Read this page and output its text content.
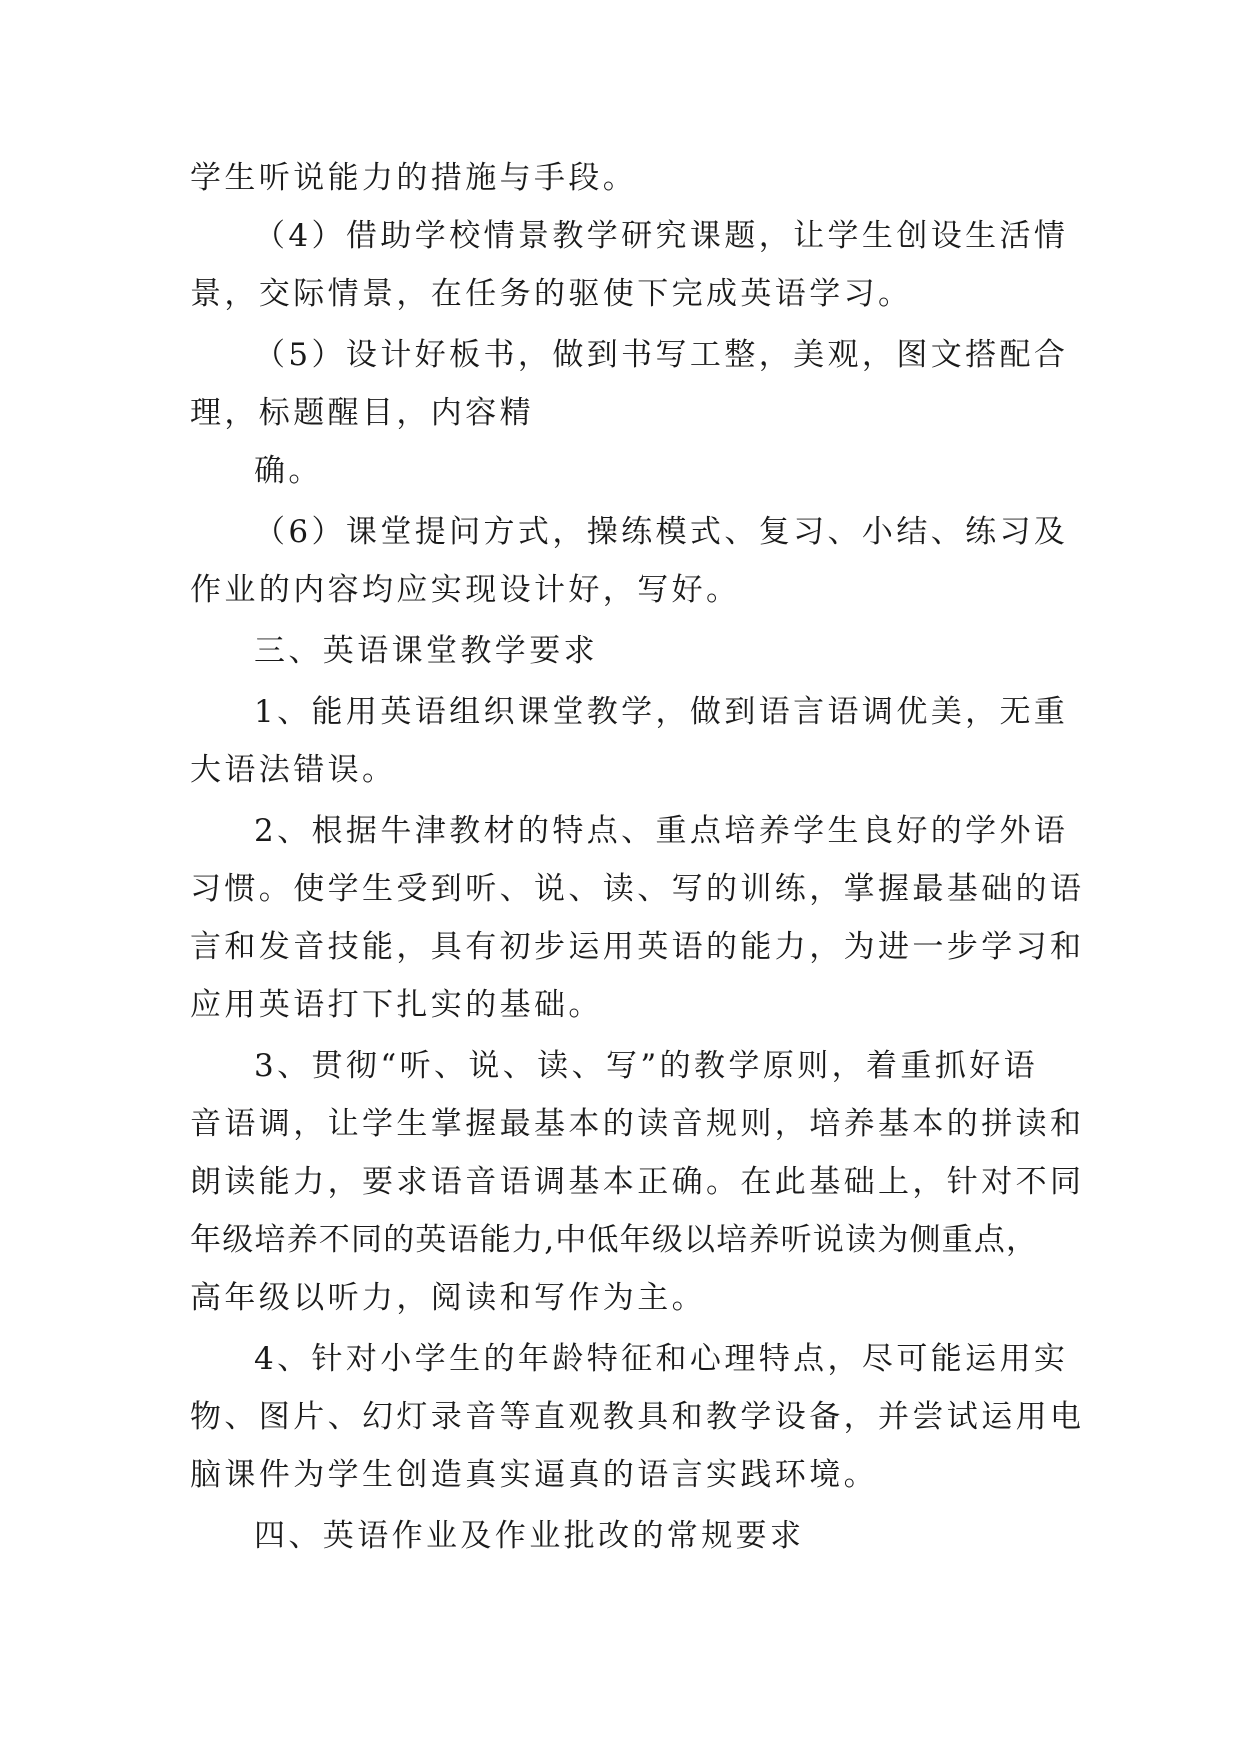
学生听说能力的措施与手段。

（4）借助学校情景教学研究课题，让学生创设生活情

景，交际情景，在任务的驱使下完成英语学习。

（5）设计好板书，做到书写工整，美观，图文搭配合

理，标题醒目，内容精

确。

（6）课堂提问方式，操练模式、复习、小结、练习及

作业的内容均应实现设计好，写好。

三、英语课堂教学要求

1、能用英语组织课堂教学，做到语言语调优美，无重

大语法错误。

2、根据牛津教材的特点、重点培养学生良好的学外语

习惯。使学生受到听、说、读、写的训练，掌握最基础的语

言和发音技能，具有初步运用英语的能力，为进一步学习和

应用英语打下扎实的基础。

3、贯彻“听、说、读、写”的教学原则，着重抓好语

音语调，让学生掌握最基本的读音规则，培养基本的拼读和

朗读能力，要求语音语调基本正确。在此基础上，针对不同

年级培养不同的英语能力,中低年级以培养听说读为侧重点，

高年级以听力，阅读和写作为主。

4、针对小学生的年龄特征和心理特点，尽可能运用实

物、图片、幻灯录音等直观教具和教学设备，并尝试运用电

脑课件为学生创造真实逼真的语言实践环境。

四、英语作业及作业批改的常规要求
